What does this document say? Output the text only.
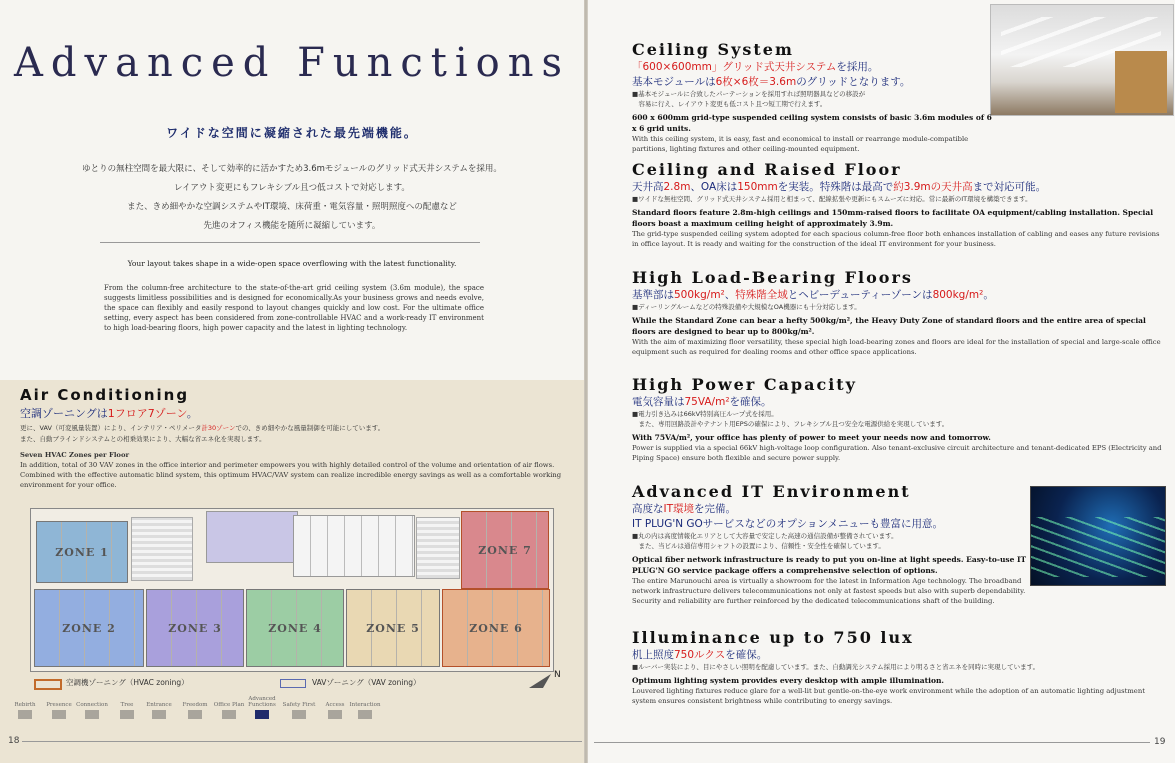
Advanced Functions
ワイドな空間に凝縮された最先端機能。
ゆとりの無柱空間を最大限に、そして効率的に活かすため3.6mモジュールのグリッド式天井システムを採用。
レイアウト変更にもフレキシブル且つ低コストで対応します。
また、きめ細やかな空調システムやIT環境、床荷重・電気容量・照明照度への配慮など
先進のオフィス機能を随所に凝縮しています。
Your layout takes shape in a wide-open space overflowing with the latest functionality.
From the column-free architecture to the state-of-the-art grid ceiling system (3.6m module), the space suggests limitless possibilities and is designed for economically.As your business grows and needs evolve, the space can flexibly and easily respond to layout changes quickly and low cost. For the ultimate office setting, every aspect has been considered from zone-controllable HVAC and a work-ready IT environment to high load-bearing floors, high power capacity and the latest in lighting technology.
Air Conditioning
空調ゾーニングは1フロア7ゾーン。
更に、VAV（可変風量装置）により、インテリア・ペリメータ計30ゾーンでの、きめ細やかな風量制御を可能にしています。
また、自動ブラインドシステムとの相乗効果により、大幅な省エネ化を実現します。
Seven HVAC Zones per Floor
In addition, total of 30 VAV zones in the office interior and perimeter empowers you with highly detailed control of the volume and orientation of air flows. Combined with the effective automatic blind system, this optimum HVAC/VAV system can realize incredible energy savings as well as a comfortable working environment for your office.
ZONE 1	ZONE 7
ZONE 2	ZONE 3	ZONE 4	ZONE 5	ZONE 6
N
空調機ゾーニング（HVAC zoning）	VAVゾーニング（VAV zoning）
Rebirth	Presence Connection	Tree	Entrance	Freedom	Office Plan
Advanced Functions	Safety First	Access Interaction
18
Ceiling System
「600×600mm」グリッド式天井システムを採用。
基本モジュールは6枚×6枚＝3.6mのグリッドとなります。
■基本モジュールに合致したパーテーションを採用すれば照明器具などの移設が
　容易に行え、レイアウト変更も低コスト且つ短工期で行えます。
600 x 600mm grid-type suspended ceiling system consists of basic 3.6m modules of 6 x 6 grid units.
With this ceiling system, it is easy, fast and economical to install or rearrange module-compatible partitions, lighting fixtures and other ceiling-mounted equipment.
Ceiling and Raised Floor
天井高2.8m、OA床は150mmを実装。特殊階は最高で約3.9mの天井高まで対応可能。
■ワイドな無柱空間、グリッド式天井システム採用と相まって、配線拡張や更新にもスムーズに対応。常に最新のIT環境を構築できます。
Standard floors feature 2.8m-high ceilings and 150mm-raised floors to facilitate OA equipment/cabling installation. Special floors boast a maximum ceiling height of approximately 3.9m.
The grid-type suspended ceiling system adopted for each spacious column-free floor both enhances installation of cabling and eases any future revisions in office layout. It is ready and waiting for the construction of the ideal IT environment for your business.
High Load-Bearing Floors
基準部は500kg/m²、特殊階全域とヘビーデューティーゾーンは800kg/m²。
■ディーリングルームなどの特殊設備や大規模なOA機器にも十分対応します。
While the Standard Zone can bear a hefty 500kg/m², the Heavy Duty Zone of standard floors and the entire area of special floors are designed to bear up to 800kg/m².
With the aim of maximizing floor versatility, these special high load-bearing zones and floors are ideal for the installation of special and large-scale office equipment such as required for dealing rooms and other office space applications.
High Power Capacity
電気容量は75VA/m²を確保。
■電力引き込みは66kV特別高圧ループ式を採用。
　また、専用回路設計やテナント用EPSの確保により、フレキシブル且つ安全な電源供給を実現しています。
With 75VA/m², your office has plenty of power to meet your needs now and tomorrow.
Power is supplied via a special 66kV high-voltage loop configuration. Also tenant-exclusive circuit architecture and tenant-dedicated EPS (Electricity and Piping Space) ensure both flexible and secure power supply.
Advanced IT Environment
高度なIT環境を完備。
IT PLUG'N GOサービスなどのオプションメニューも豊富に用意。
■丸の内は高度情報化エリアとして大容量で安定した高速の通信設備が整備されています。
　また、当ビルは通信専用シャフトの設置により、信頼性・安全性を確保しています。
Optical fiber network infrastructure is ready to put you on-line at light speeds. Easy-to-use IT PLUG'N GO service package offers a comprehensive selection of options.
The entire Marunouchi area is virtually a showroom for the latest in Information Age technology. The broadband network infrastructure delivers telecommunications not only at fastest speeds but also with superb dependability. Security and reliability are further reinforced by the dedicated telecommunications shaft of the building.
Illuminance up to 750 lux
机上照度750ルクスを確保。
■ルーバー実装により、目にやさしい照明を配慮しています。また、自動調光システム採用により明るさと省エネを同時に実現しています。
Optimum lighting system provides every desktop with ample illumination.
Louvered lighting fixtures reduce glare for a well-lit but gentle-on-the-eye work environment while the adoption of an automatic lighting adjustment system ensures consistent brightness while contributing to energy savings.
19
